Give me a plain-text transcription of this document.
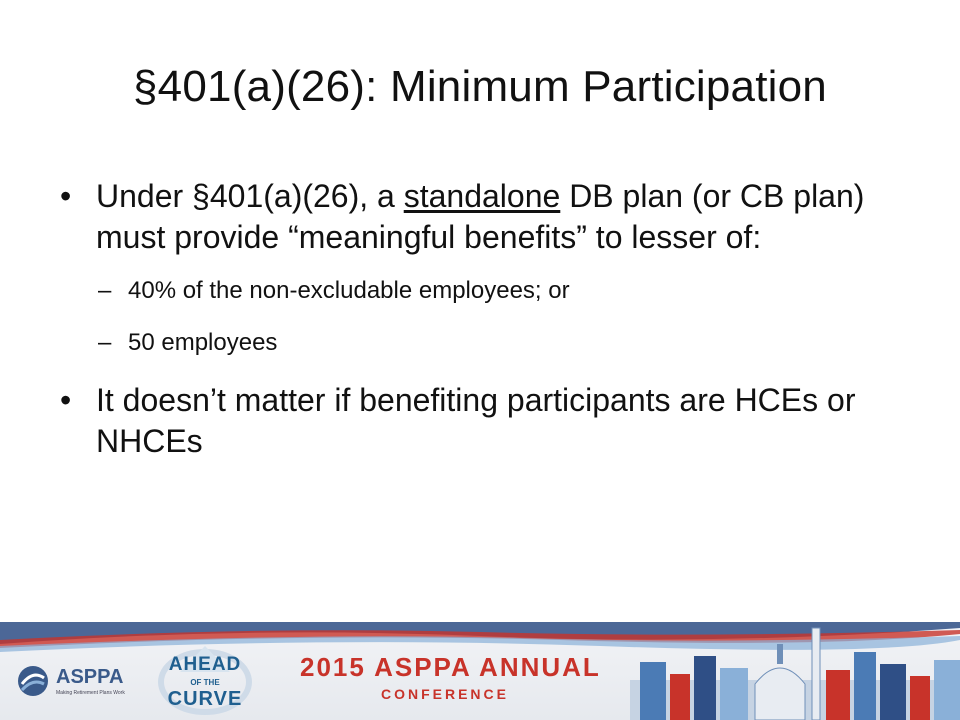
§401(a)(26): Minimum Participation
• Under §401(a)(26), a standalone DB plan (or CB plan) must provide “meaningful benefits” to lesser of:
– 40% of the non-excludable employees; or
– 50 employees
• It doesn’t matter if benefiting participants are HCEs or NHCEs
ASPPA
Making Retirement Plans Work
AHEAD
OF THE
CURVE
2015 ASPPA ANNUAL
CONFERENCE
